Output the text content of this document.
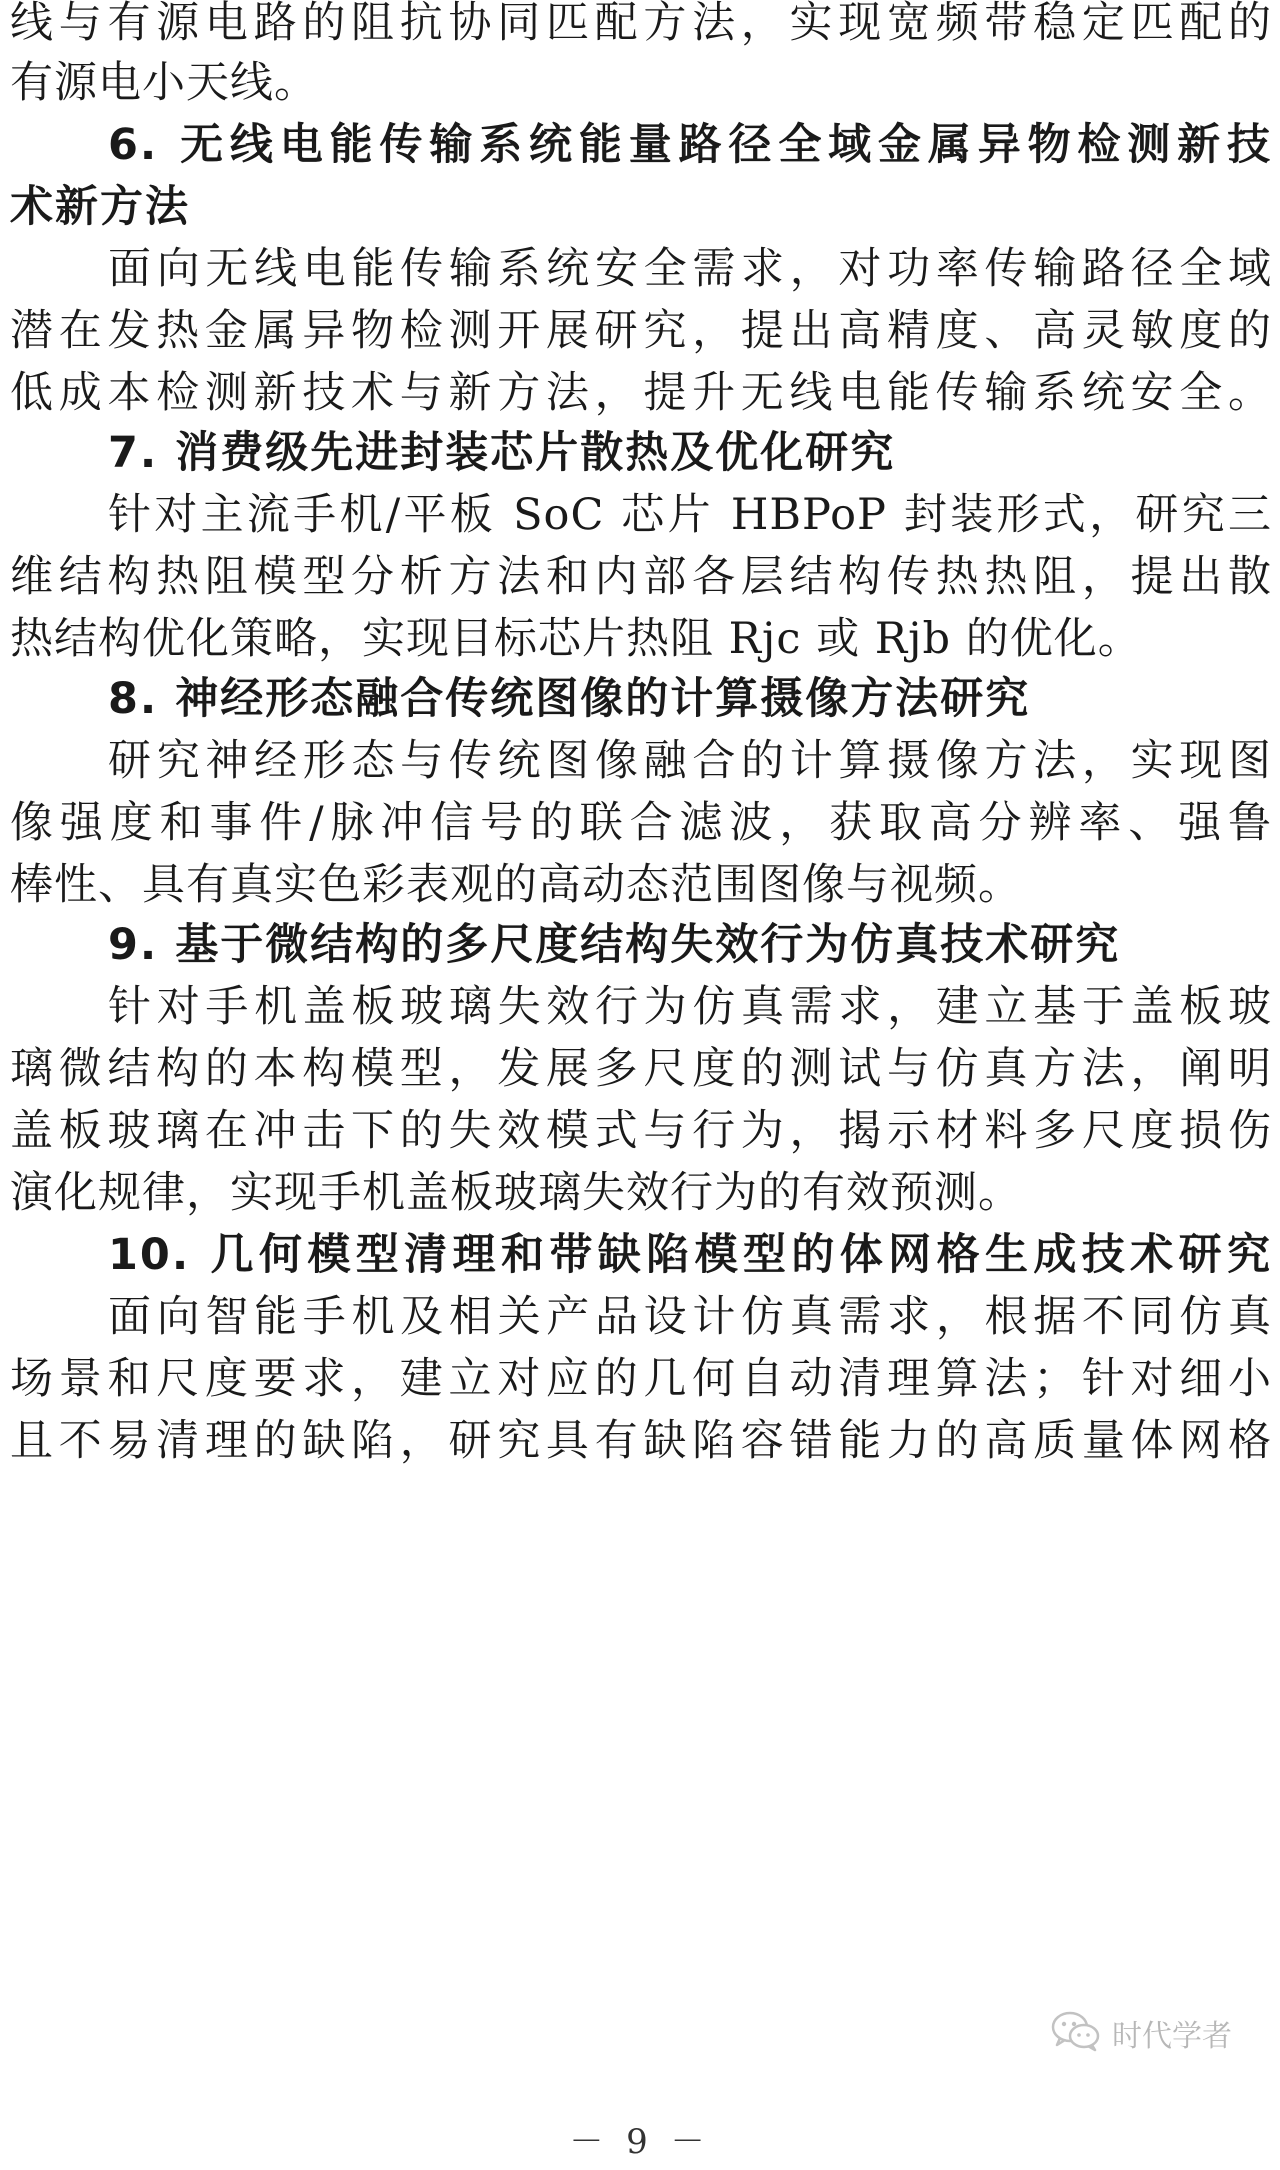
线与有源电路的阻抗协同匹配方法，实现宽频带稳定匹配的
有源电小天线。
6. 无线电能传输系统能量路径全域金属异物检测新技
术新方法
面向无线电能传输系统安全需求，对功率传输路径全域
潜在发热金属异物检测开展研究，提出高精度、高灵敏度的
低成本检测新技术与新方法，提升无线电能传输系统安全。
7. 消费级先进封装芯片散热及优化研究
针对主流手机/平板 SoC 芯片 HBPoP 封装形式，研究三
维结构热阻模型分析方法和内部各层结构传热热阻，提出散
热结构优化策略，实现目标芯片热阻 Rjc 或 Rjb 的优化。
8. 神经形态融合传统图像的计算摄像方法研究
研究神经形态与传统图像融合的计算摄像方法，实现图
像强度和事件/脉冲信号的联合滤波，获取高分辨率、强鲁
棒性、具有真实色彩表观的高动态范围图像与视频。
9. 基于微结构的多尺度结构失效行为仿真技术研究
针对手机盖板玻璃失效行为仿真需求，建立基于盖板玻
璃微结构的本构模型，发展多尺度的测试与仿真方法，阐明
盖板玻璃在冲击下的失效模式与行为，揭示材料多尺度损伤
演化规律，实现手机盖板玻璃失效行为的有效预测。
10. 几何模型清理和带缺陷模型的体网格生成技术研究
面向智能手机及相关产品设计仿真需求，根据不同仿真
场景和尺度要求，建立对应的几何自动清理算法；针对细小
且不易清理的缺陷，研究具有缺陷容错能力的高质量体网格
时代学者
－ 9 －
